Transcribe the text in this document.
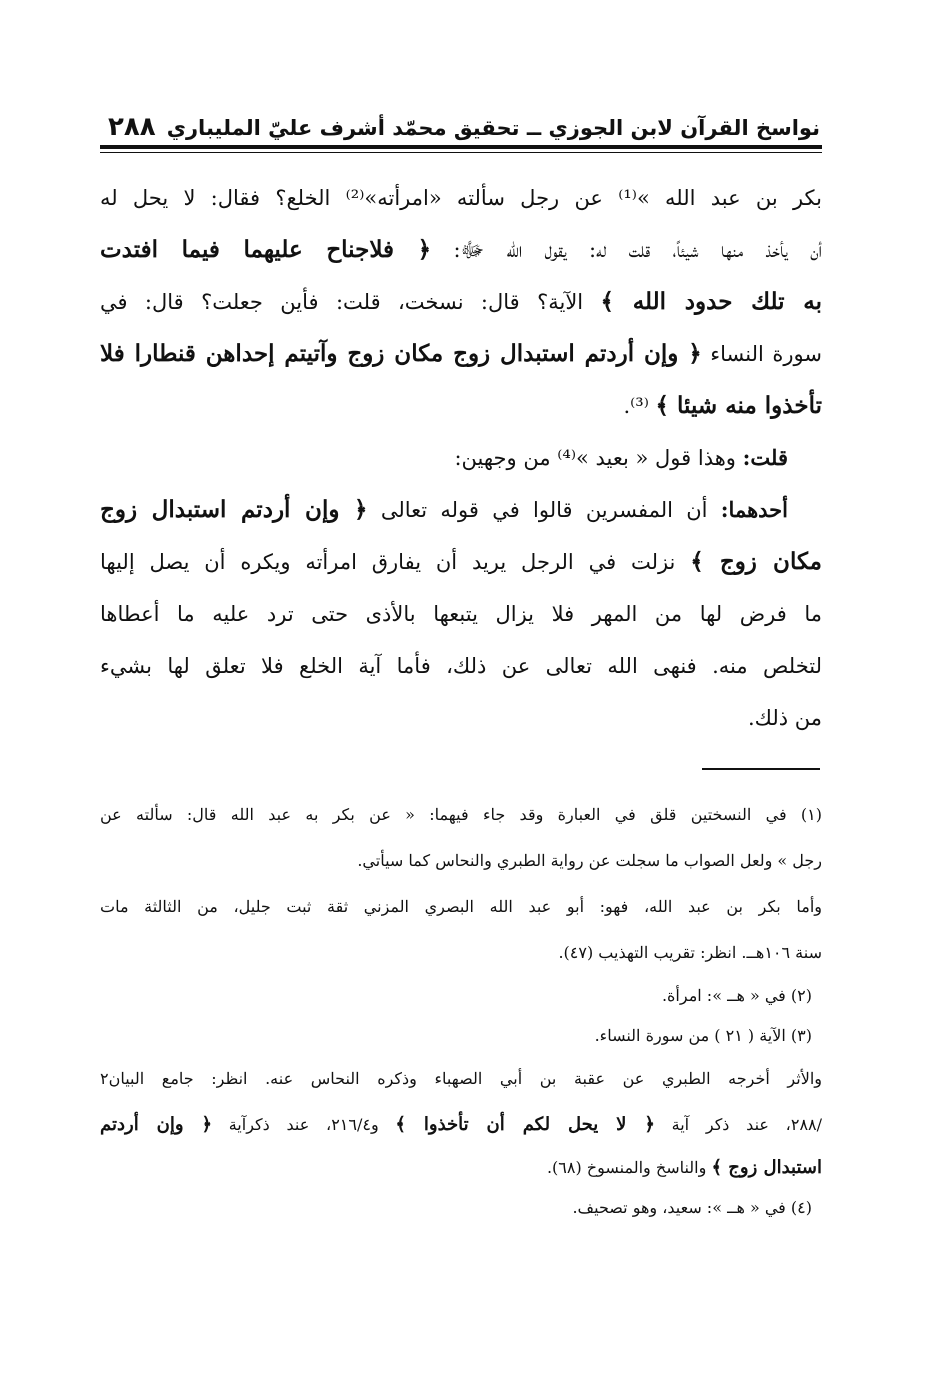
نواسخ القرآن لابن الجوزي ــ تحقيق محمّد أشرف عليّ المليباري
٢٨٨
بكر بن عبد الله »⁽¹⁾ عن رجل سألته «امرأته»⁽²⁾ الخلع؟ فقال: لا يحل له
أن يأخذ منها شيئاً، قلت له: يقول الله ﷻ: ﴿ فلاجناح عليهما فيما افتدت
به تلك حدود الله ﴾ الآية؟ قال: نسخت، قلت: فأين جعلت؟ قال: في
سورة النساء ﴿ وإن أردتم استبدال زوج مكان زوج وآتيتم إحداهن قنطارا فلا
تأخذوا منه شيئا ﴾ ⁽³⁾.
قلت: وهذا قول « بعيد »⁽⁴⁾ من وجهين:
أحدهما: أن المفسرين قالوا في قوله تعالى ﴿ وإن أردتم استبدال زوج
مكان زوج ﴾ نزلت في الرجل يريد أن يفارق امرأته ويكره أن يصل إليها
ما فرض لها من المهر فلا يزال يتبعها بالأذى حتى ترد عليه ما أعطاها
لتخلص منه. فنهى الله تعالى عن ذلك، فأما آية الخلع فلا تعلق لها بشيء
من ذلك.
(١) في النسختين قلق في العبارة وقد جاء فيهما: « عن بكر به عبد الله قال: سألته عن
رجل » ولعل الصواب ما سجلت عن رواية الطبري والنحاس كما سيأتي.
وأما بكر بن عبد الله، فهو: أبو عبد الله البصري المزني ثقة ثبت جليل، من الثالثة مات
سنة ١٠٦هــ. انظر: تقريب التهذيب (٤٧).
(٢) في « هــ »: امرأة.
(٣) الآية ( ٢١ ) من سورة النساء.
والأثر أخرجه الطبري عن عقبة بن أبي الصهباء وذكره النحاس عنه. انظر: جامع البيان٢
/٢٨٨، عند ذكر آية ﴿ لا يحل لكم أن تأخذوا ﴾ و٢١٦/٤، عند ذكرآية ﴿ وإن أردتم
استبدال زوج ﴾ والناسخ والمنسوخ (٦٨).
(٤) في « هــ »: سعيد، وهو تصحيف.
